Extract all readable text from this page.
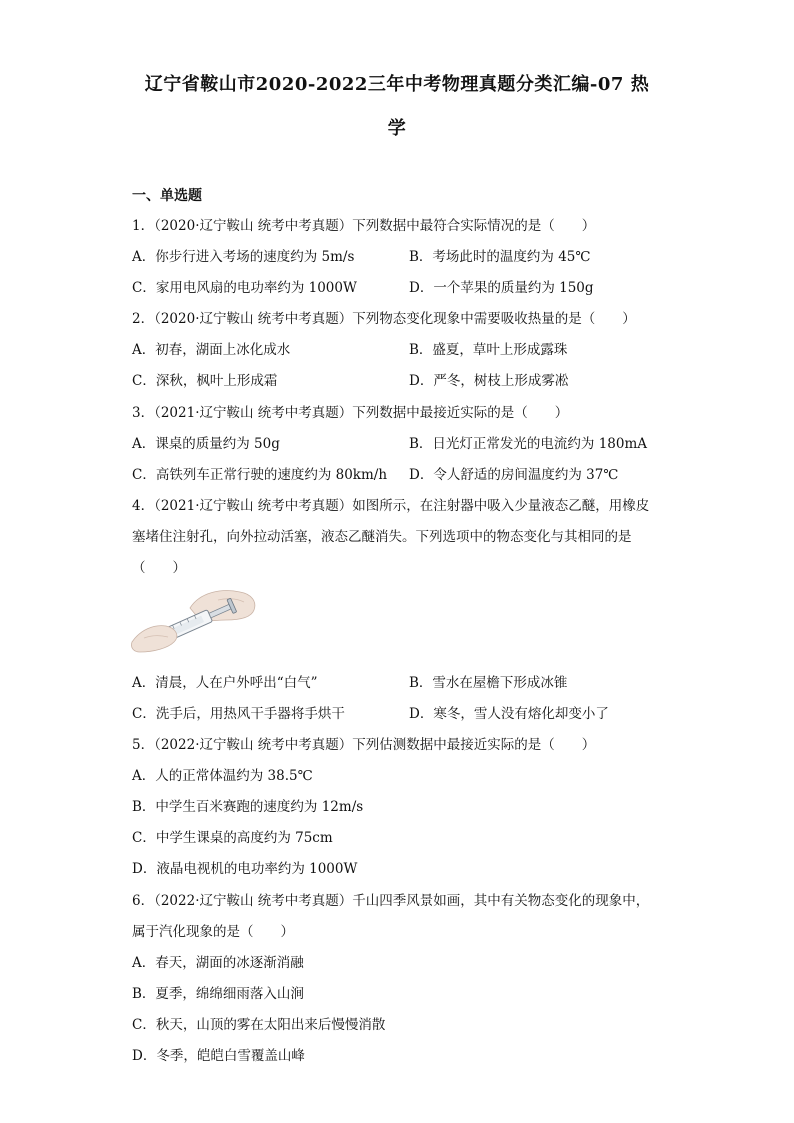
辽宁省鞍山市2020-2022三年中考物理真题分类汇编-07 热
学
一、单选题
1．（2020·辽宁鞍山 统考中考真题）下列数据中最符合实际情况的是（　　）
A．你步行进入考场的速度约为 5m/s	B．考场此时的温度约为 45℃
C．家用电风扇的电功率约为 1000W	D．一个苹果的质量约为 150g
2．（2020·辽宁鞍山 统考中考真题）下列物态变化现象中需要吸收热量的是（　　）
A．初春，湖面上冰化成水	B．盛夏，草叶上形成露珠
C．深秋，枫叶上形成霜	D．严冬，树枝上形成雾凇
3．（2021·辽宁鞍山 统考中考真题）下列数据中最接近实际的是（　　）
A．课桌的质量约为 50g	B．日光灯正常发光的电流约为 180mA
C．高铁列车正常行驶的速度约为 80km/h D．令人舒适的房间温度约为 37℃
4．（2021·辽宁鞍山 统考中考真题）如图所示，在注射器中吸入少量液态乙醚，用橡皮
塞堵住注射孔，向外拉动活塞，液态乙醚消失。下列选项中的物态变化与其相同的是
（　　）
A．清晨，人在户外呼出“白气”	B．雪水在屋檐下形成冰锥
C．洗手后，用热风干手器将手烘干	D．寒冬，雪人没有熔化却变小了
5．（2022·辽宁鞍山 统考中考真题）下列估测数据中最接近实际的是（　　）
A．人的正常体温约为 38.5℃
B．中学生百米赛跑的速度约为 12m/s
C．中学生课桌的高度约为 75cm
D．液晶电视机的电功率约为 1000W
6．（2022·辽宁鞍山 统考中考真题）千山四季风景如画，其中有关物态变化的现象中，
属于汽化现象的是（　　）
A．春天，湖面的冰逐渐消融
B．夏季，绵绵细雨落入山涧
C．秋天，山顶的雾在太阳出来后慢慢消散
D．冬季，皑皑白雪覆盖山峰
